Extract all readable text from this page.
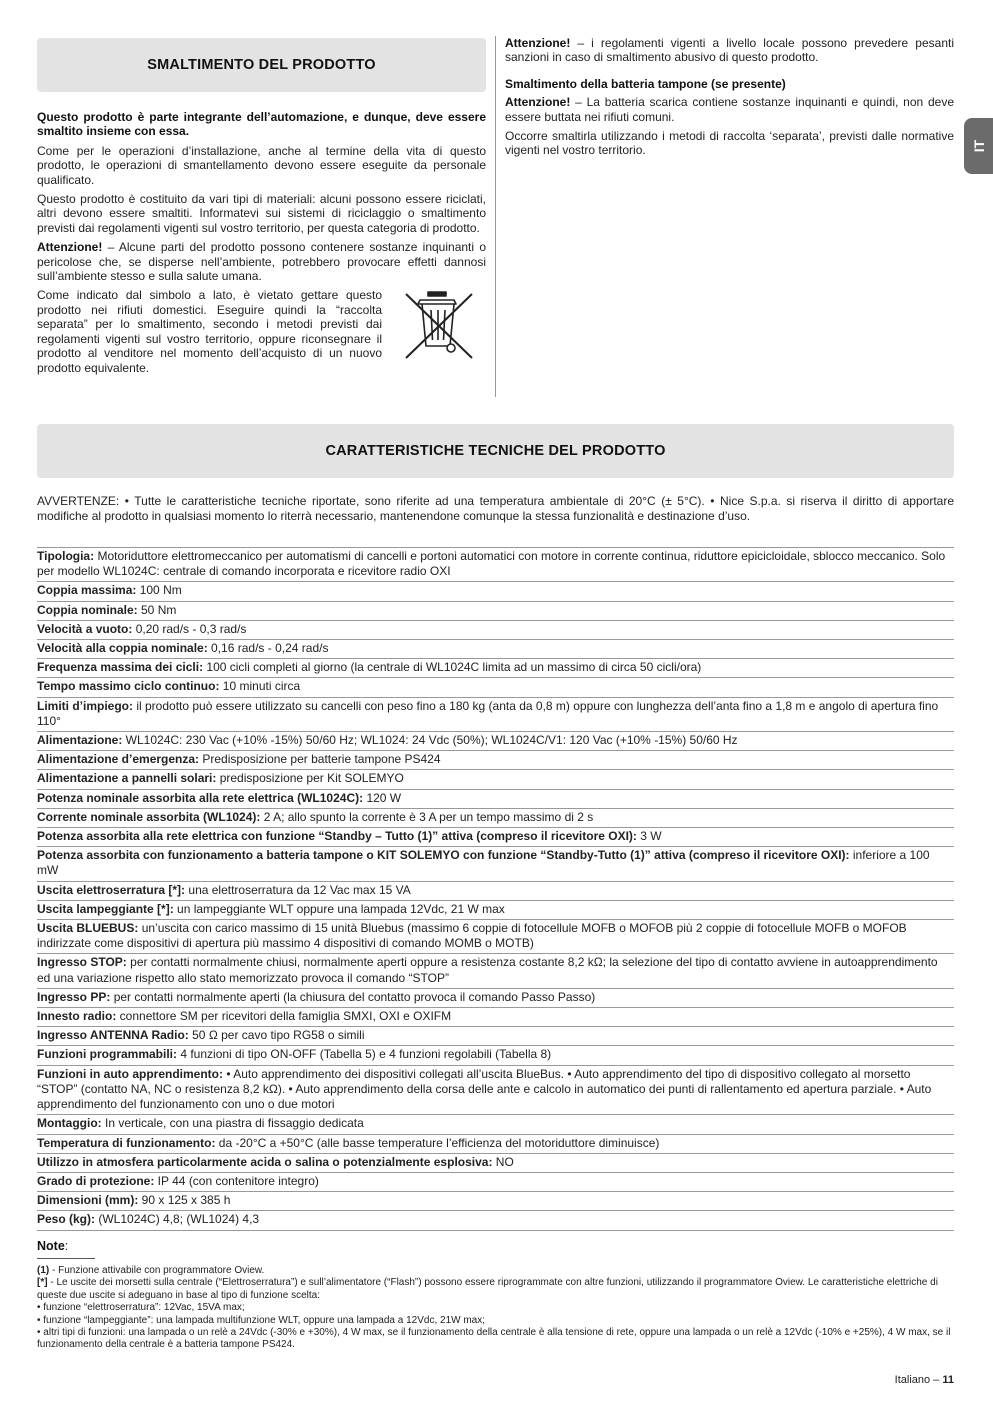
IT
SMALTIMENTO DEL PRODOTTO

Questo prodotto è parte integrante dell’automazione, e dunque, deve essere smaltito insieme con essa.

Come per le operazioni d’installazione, anche al termine della vita di questo prodotto, le operazioni di smantellamento devono essere eseguite da personale qualificato.

Questo prodotto è costituito da vari tipi di materiali: alcuni possono essere riciclati, altri devono essere smaltiti. Informatevi sui sistemi di riciclaggio o smaltimento previsti dai regolamenti vigenti sul vostro territorio, per questa categoria di prodotto.

Attenzione! – Alcune parti del prodotto possono contenere sostanze inquinanti o pericolose che, se disperse nell’ambiente, potrebbero provocare effetti dannosi sull’ambiente stesso e sulla salute umana.

Come indicato dal simbolo a lato, è vietato gettare questo prodotto nei rifiuti domestici. Eseguire quindi la “raccolta separata” per lo smaltimento, secondo i metodi previsti dai regolamenti vigenti sul vostro territorio, oppure riconsegnare il prodotto al venditore nel momento dell’acquisto di un nuovo prodotto equivalente.

Attenzione! – i regolamenti vigenti a livello locale possono prevedere pesanti sanzioni in caso di smaltimento abusivo di questo prodotto.

Smaltimento della batteria tampone (se presente)

Attenzione! – La batteria scarica contiene sostanze inquinanti e quindi, non deve essere buttata nei rifiuti comuni.

Occorre smaltirla utilizzando i metodi di raccolta ‘separata’, previsti dalle normative vigenti nel vostro territorio.

CARATTERISTICHE TECNICHE DEL PRODOTTO
AVVERTENZE: • Tutte le caratteristiche tecniche riportate, sono riferite ad una temperatura ambientale di 20°C (± 5°C). • Nice S.p.a. si riserva il diritto di apportare modifiche al prodotto in qualsiasi momento lo riterrà necessario, mantenendone comunque la stessa funzionalità e destinazione d’uso.
Tipologia: Motoriduttore elettromeccanico per automatismi di cancelli e portoni automatici con motore in corrente continua, riduttore epicicloidale, sblocco meccanico. Solo per modello WL1024C: centrale di comando incorporata e ricevitore radio OXI
Coppia massima: 100 Nm
Coppia nominale: 50 Nm
Velocità a vuoto: 0,20 rad/s - 0,3 rad/s
Velocità alla coppia nominale: 0,16 rad/s - 0,24 rad/s
Frequenza massima dei cicli: 100 cicli completi al giorno (la centrale di WL1024C limita ad un massimo di circa 50 cicli/ora)
Tempo massimo ciclo continuo: 10 minuti circa
Limiti d’impiego: il prodotto può essere utilizzato su cancelli con peso fino a 180 kg (anta da 0,8 m) oppure con lunghezza dell’anta fino a 1,8 m e angolo di apertura fino 110°
Alimentazione: WL1024C: 230 Vac (+10% -15%) 50/60 Hz; WL1024: 24 Vdc (50%); WL1024C/V1: 120 Vac (+10% -15%) 50/60 Hz
Alimentazione d’emergenza: Predisposizione per batterie tampone PS424
Alimentazione a pannelli solari: predisposizione per Kit SOLEMYO
Potenza nominale assorbita alla rete elettrica (WL1024C): 120 W
Corrente nominale assorbita (WL1024): 2 A; allo spunto la corrente è 3 A per un tempo massimo di 2 s
Potenza assorbita alla rete elettrica con funzione “Standby – Tutto (1)” attiva (compreso il ricevitore OXI): 3 W
Potenza assorbita con funzionamento a batteria tampone o KIT SOLEMYO con funzione “Standby-Tutto (1)” attiva (compreso il ricevitore OXI): inferiore a 100 mW
Uscita elettroserratura [*]: una elettroserratura da 12 Vac max 15 VA
Uscita lampeggiante [*]: un lampeggiante WLT oppure una lampada 12Vdc, 21 W max
Uscita BLUEBUS: un’uscita con carico massimo di 15 unità Bluebus (massimo 6 coppie di fotocellule MOFB o MOFOB più 2 coppie di fotocellule MOFB o MOFOB indirizzate come dispositivi di apertura più massimo 4 dispositivi di comando MOMB o MOTB)
Ingresso STOP: per contatti normalmente chiusi, normalmente aperti oppure a resistenza costante 8,2 kΩ; la selezione del tipo di contatto avviene in autoapprendimento ed una variazione rispetto allo stato memorizzato provoca il comando “STOP”
Ingresso PP: per contatti normalmente aperti (la chiusura del contatto provoca il comando Passo Passo)
Innesto radio: connettore SM per ricevitori della famiglia SMXI, OXI e OXIFM
Ingresso ANTENNA Radio: 50 Ω per cavo tipo RG58 o simili
Funzioni programmabili: 4 funzioni di tipo ON-OFF (Tabella 5) e 4 funzioni regolabili (Tabella 8)
Funzioni in auto apprendimento: • Auto apprendimento dei dispositivi collegati all’uscita BlueBus. • Auto apprendimento del tipo di dispositivo collegato al morsetto “STOP” (contatto NA, NC o resistenza 8,2 kΩ). • Auto apprendimento della corsa delle ante e calcolo in automatico dei punti di rallentamento ed apertura parziale. • Auto apprendimento del funzionamento con uno o due motori
Montaggio: In verticale, con una piastra di fissaggio dedicata
Temperatura di funzionamento: da -20°C a +50°C (alle basse temperature l’efficienza del motoriduttore diminuisce)
Utilizzo in atmosfera particolarmente acida o salina o potenzialmente esplosiva: NO
Grado di protezione: IP 44 (con contenitore integro)
Dimensioni (mm): 90 x 125 x 385 h
Peso (kg): (WL1024C) 4,8; (WL1024) 4,3
Note:
(1) - Funzione attivabile con programmatore Oview.
[*] - Le uscite dei morsetti sulla centrale (“Elettroserratura”) e sull’alimentatore (“Flash”) possono essere riprogrammate con altre funzioni, utilizzando il programmatore Oview. Le caratteristiche elettriche di queste due uscite si adeguano in base al tipo di funzione scelta:
• funzione “elettroserratura”: 12Vac, 15VA max;
• funzione “lampeggiante”: una lampada multifunzione WLT, oppure una lampada a 12Vdc, 21W max;
• altri tipi di funzioni: una lampada o un relè a 24Vdc (-30% e +30%), 4 W max, se il funzionamento della centrale è alla tensione di rete, oppure una lampada o un relè a 12Vdc (-10% e +25%), 4 W max, se il funzionamento della centrale è a batteria tampone PS424.
Italiano – 11
